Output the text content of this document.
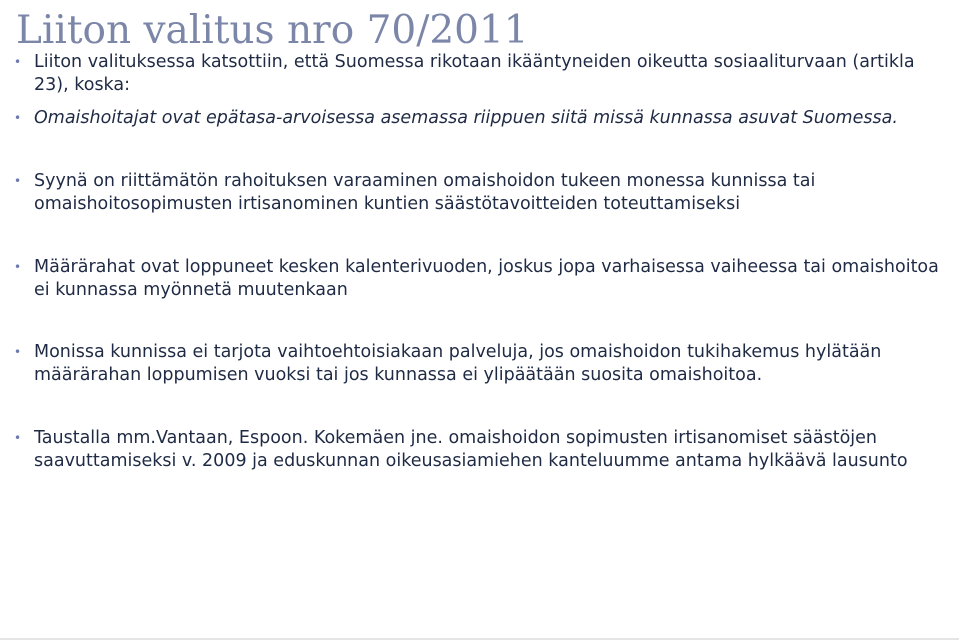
Liiton valitus nro 70/2011
• Liiton valituksessa katsottiin, että Suomessa rikotaan ikääntyneiden oikeutta sosiaaliturvaan (artikla 23), koska:
• Omaishoitajat ovat epätasa-arvoisessa asemassa riippuen siitä missä kunnassa asuvat Suomessa.
• Syynä on riittämätön rahoituksen varaaminen omaishoidon tukeen monessa kunnissa tai omaishoitosopimusten irtisanominen kuntien säästötavoitteiden toteuttamiseksi
• Määrärahat ovat loppuneet kesken kalenterivuoden, joskus jopa varhaisessa vaiheessa tai omaishoitoa ei kunnassa myönnetä muutenkaan
• Monissa kunnissa ei tarjota vaihtoehtoisiakaan palveluja, jos omaishoidon tukihakemus hylätään määrärahan loppumisen vuoksi tai jos kunnassa ei ylipäätään suosita omaishoitoa.
• Taustalla mm.Vantaan, Espoon. Kokemäen jne. omaishoidon sopimusten irtisanomiset säästöjen saavuttamiseksi v. 2009 ja eduskunnan oikeusasiamiehen kanteluumme antama hylkäävä lausunto
